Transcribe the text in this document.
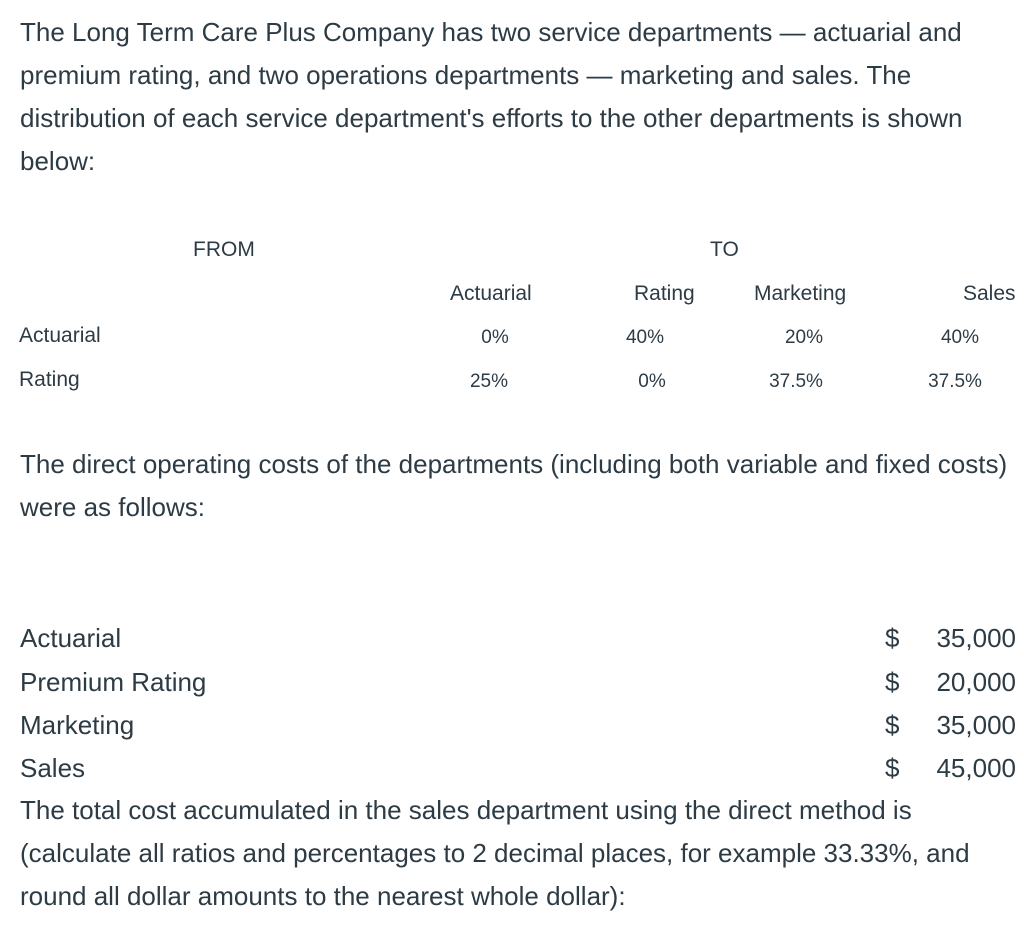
The Long Term Care Plus Company has two service departments — actuarial and premium rating, and two operations departments — marketing and sales. The distribution of each service department's efforts to the other departments is shown below:

FROM	TO
Actuarial	Rating	Marketing	Sales
Actuarial	0%	40%	20%	40%
Rating	25%	0%	37.5%	37.5%

The direct operating costs of the departments (including both variable and fixed costs) were as follows:

Actuarial	$ 35,000
Premium Rating	$ 20,000
Marketing	$ 35,000
Sales	$ 45,000

The total cost accumulated in the sales department using the direct method is (calculate all ratios and percentages to 2 decimal places, for example 33.33%, and round all dollar amounts to the nearest whole dollar):
